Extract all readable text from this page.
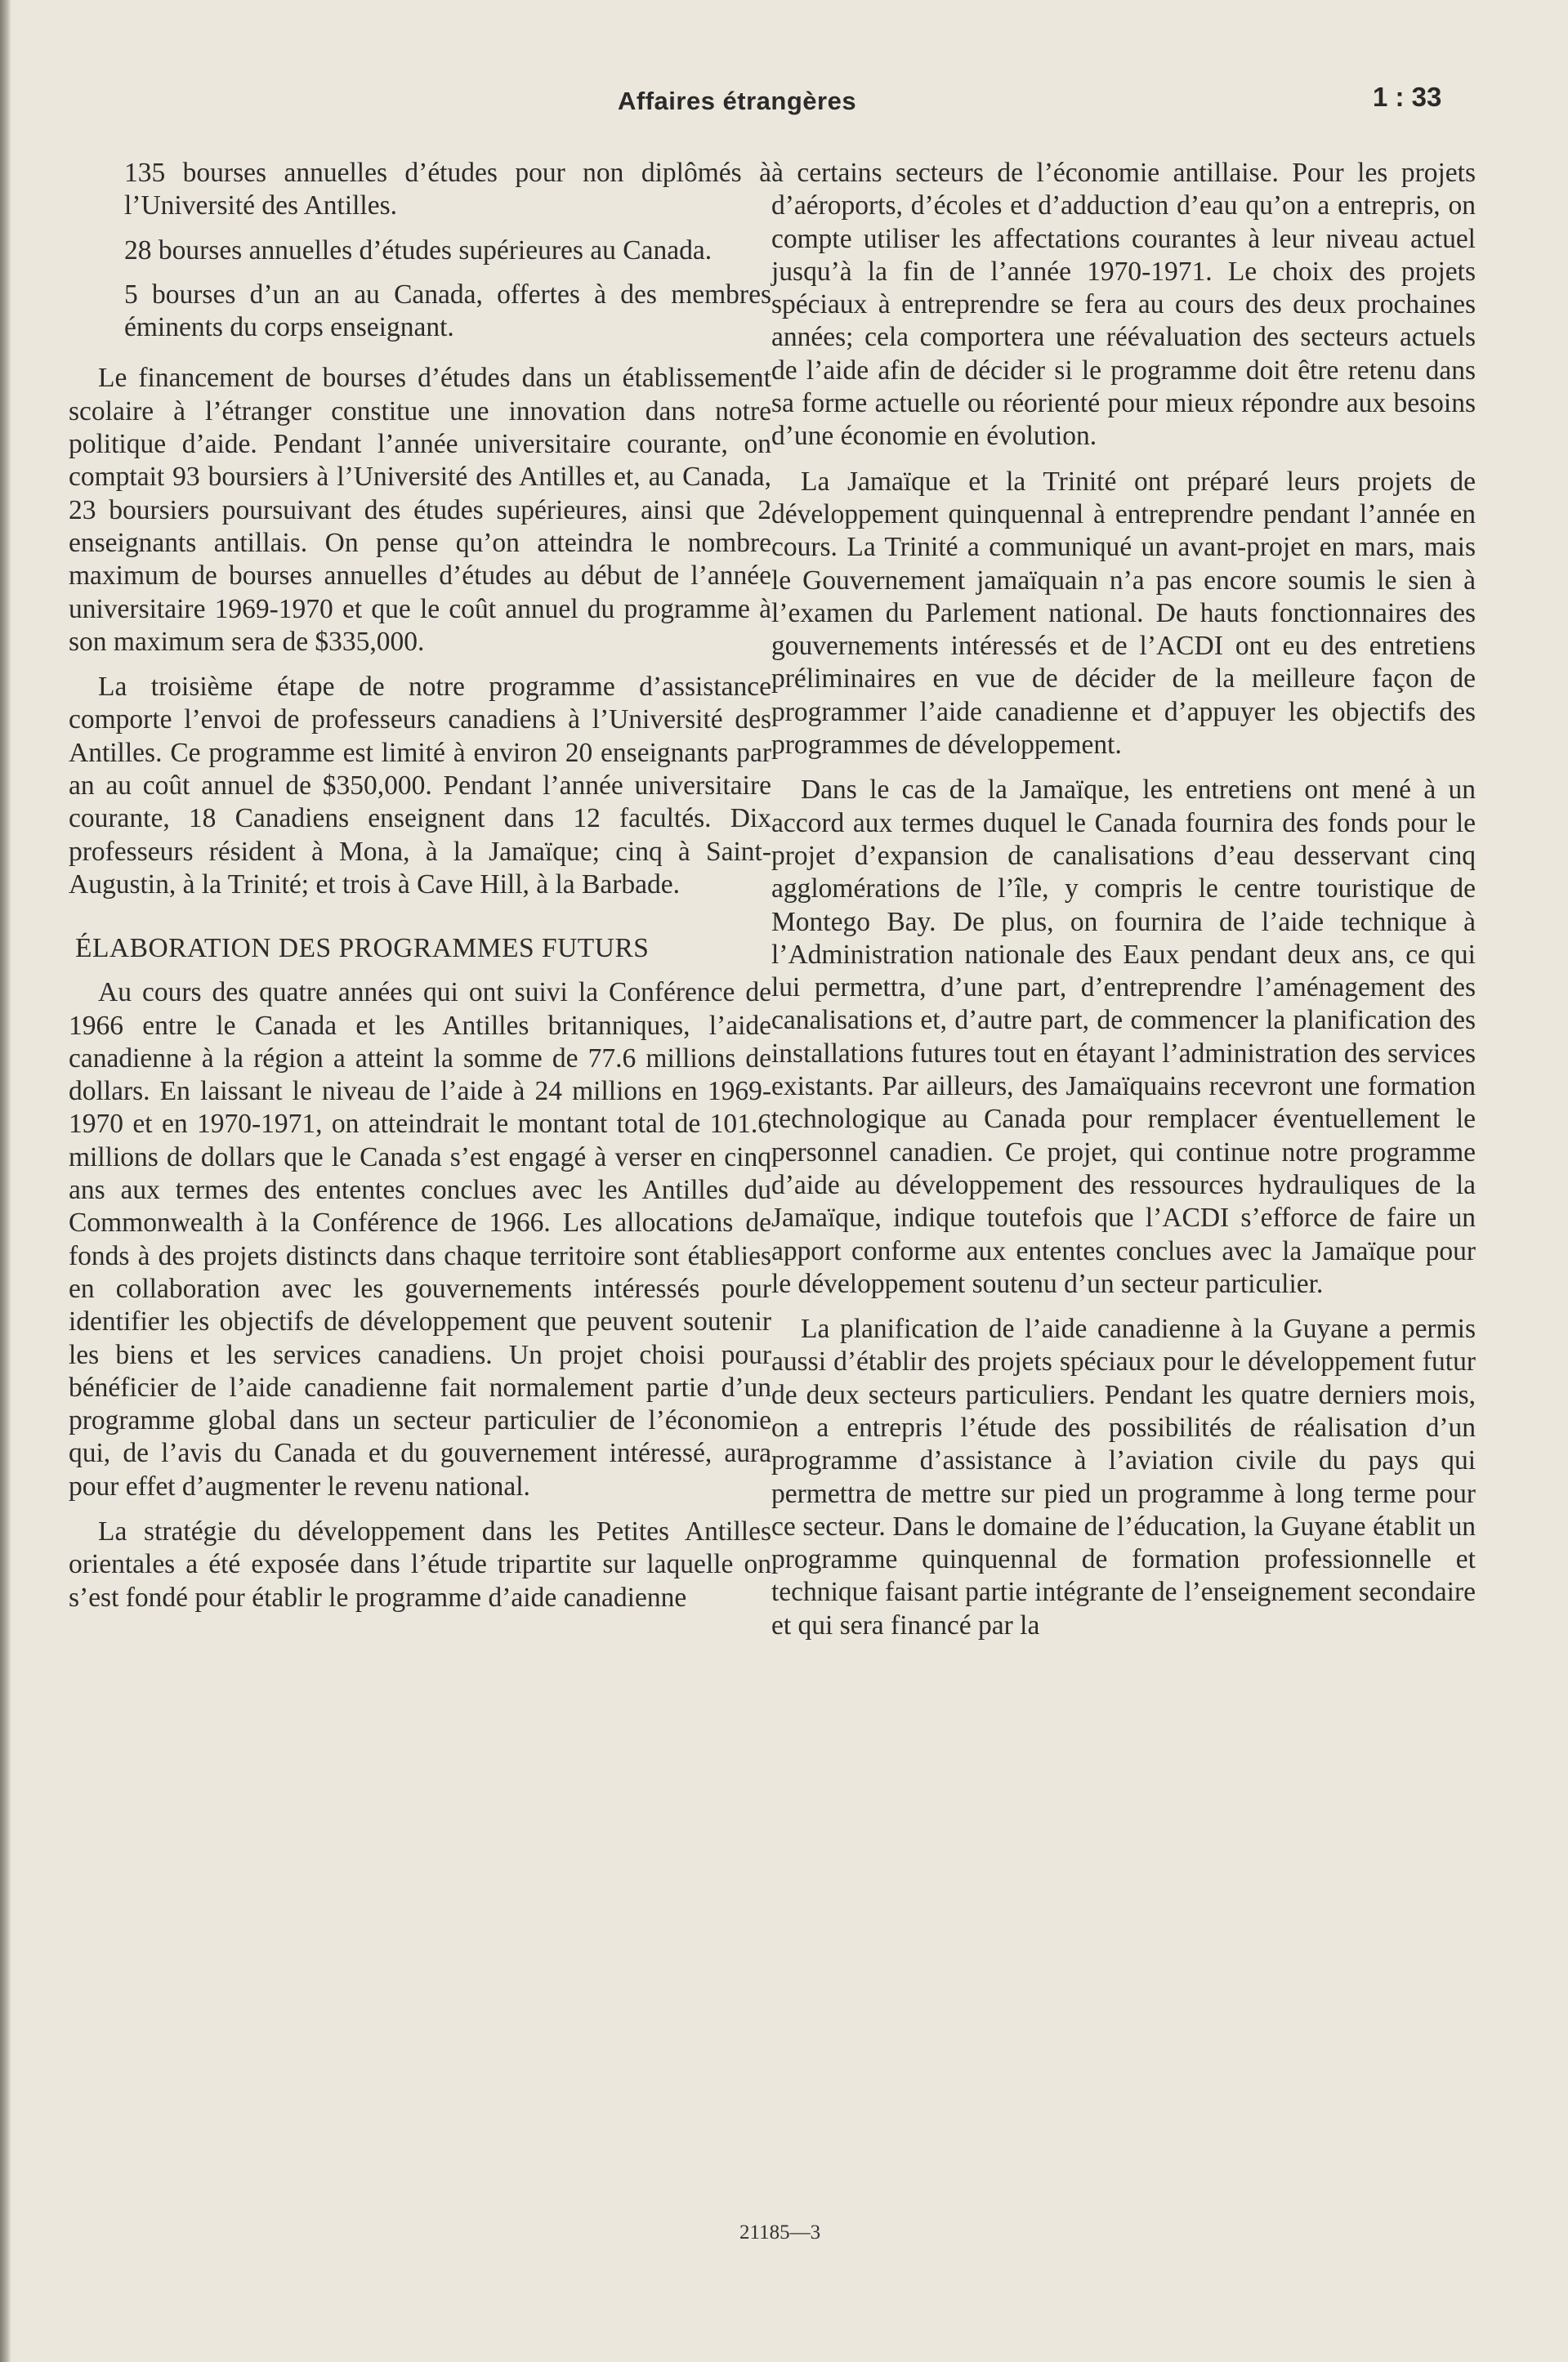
Affaires étrangères	1 : 33

135 bourses annuelles d’études pour non diplômés à l’Université des Antilles.

28 bourses annuelles d’études supérieures au Canada.

5 bourses d’un an au Canada, offertes à des membres éminents du corps enseignant.

Le financement de bourses d’études dans un établissement scolaire à l’étranger constitue une innovation dans notre politique d’aide. Pendant l’année universitaire courante, on comptait 93 boursiers à l’Université des Antilles et, au Canada, 23 boursiers poursuivant des études supérieures, ainsi que 2 enseignants antillais. On pense qu’on atteindra le nombre maximum de bourses annuelles d’études au début de l’année universitaire 1969-1970 et que le coût annuel du programme à son maximum sera de $335,000.

La troisième étape de notre programme d’assistance comporte l’envoi de professeurs canadiens à l’Université des Antilles. Ce programme est limité à environ 20 enseignants par an au coût annuel de $350,000. Pendant l’année universitaire courante, 18 Canadiens enseignent dans 12 facultés. Dix professeurs résident à Mona, à la Jamaïque; cinq à Saint-Augustin, à la Trinité; et trois à Cave Hill, à la Barbade.

ÉLABORATION DES PROGRAMMES FUTURS

Au cours des quatre années qui ont suivi la Conférence de 1966 entre le Canada et les Antilles britanniques, l’aide canadienne à la région a atteint la somme de 77.6 millions de dollars. En laissant le niveau de l’aide à 24 millions en 1969-1970 et en 1970-1971, on atteindrait le montant total de 101.6 millions de dollars que le Canada s’est engagé à verser en cinq ans aux termes des ententes conclues avec les Antilles du Commonwealth à la Conférence de 1966. Les allocations de fonds à des projets distincts dans chaque territoire sont établies en collaboration avec les gouvernements intéressés pour identifier les objectifs de développement que peuvent soutenir les biens et les services canadiens. Un projet choisi pour bénéficier de l’aide canadienne fait normalement partie d’un programme global dans un secteur particulier de l’économie qui, de l’avis du Canada et du gouvernement intéressé, aura pour effet d’augmenter le revenu national.

La stratégie du développement dans les Petites Antilles orientales a été exposée dans l’étude tripartite sur laquelle on s’est fondé pour établir le programme d’aide canadienne

à certains secteurs de l’économie antillaise. Pour les projets d’aéroports, d’écoles et d’adduction d’eau qu’on a entrepris, on compte utiliser les affectations courantes à leur niveau actuel jusqu’à la fin de l’année 1970-1971. Le choix des projets spéciaux à entreprendre se fera au cours des deux prochaines années; cela comportera une réévaluation des secteurs actuels de l’aide afin de décider si le programme doit être retenu dans sa forme actuelle ou réorienté pour mieux répondre aux besoins d’une économie en évolution.

La Jamaïque et la Trinité ont préparé leurs projets de développement quinquennal à entreprendre pendant l’année en cours. La Trinité a communiqué un avant-projet en mars, mais le Gouvernement jamaïquain n’a pas encore soumis le sien à l’examen du Parlement national. De hauts fonctionnaires des gouvernements intéressés et de l’ACDI ont eu des entretiens préliminaires en vue de décider de la meilleure façon de programmer l’aide canadienne et d’appuyer les objectifs des programmes de développement.

Dans le cas de la Jamaïque, les entretiens ont mené à un accord aux termes duquel le Canada fournira des fonds pour le projet d’expansion de canalisations d’eau desservant cinq agglomérations de l’île, y compris le centre touristique de Montego Bay. De plus, on fournira de l’aide technique à l’Administration nationale des Eaux pendant deux ans, ce qui lui permettra, d’une part, d’entreprendre l’aménagement des canalisations et, d’autre part, de commencer la planification des installations futures tout en étayant l’administration des services existants. Par ailleurs, des Jamaïquains recevront une formation technologique au Canada pour remplacer éventuellement le personnel canadien. Ce projet, qui continue notre programme d’aide au développement des ressources hydrauliques de la Jamaïque, indique toutefois que l’ACDI s’efforce de faire un apport conforme aux ententes conclues avec la Jamaïque pour le développement soutenu d’un secteur particulier.

La planification de l’aide canadienne à la Guyane a permis aussi d’établir des projets spéciaux pour le développement futur de deux secteurs particuliers. Pendant les quatre derniers mois, on a entrepris l’étude des possibilités de réalisation d’un programme d’assistance à l’aviation civile du pays qui permettra de mettre sur pied un programme à long terme pour ce secteur. Dans le domaine de l’éducation, la Guyane établit un programme quinquennal de formation professionnelle et technique faisant partie intégrante de l’enseignement secondaire et qui sera financé par la

21185—3
